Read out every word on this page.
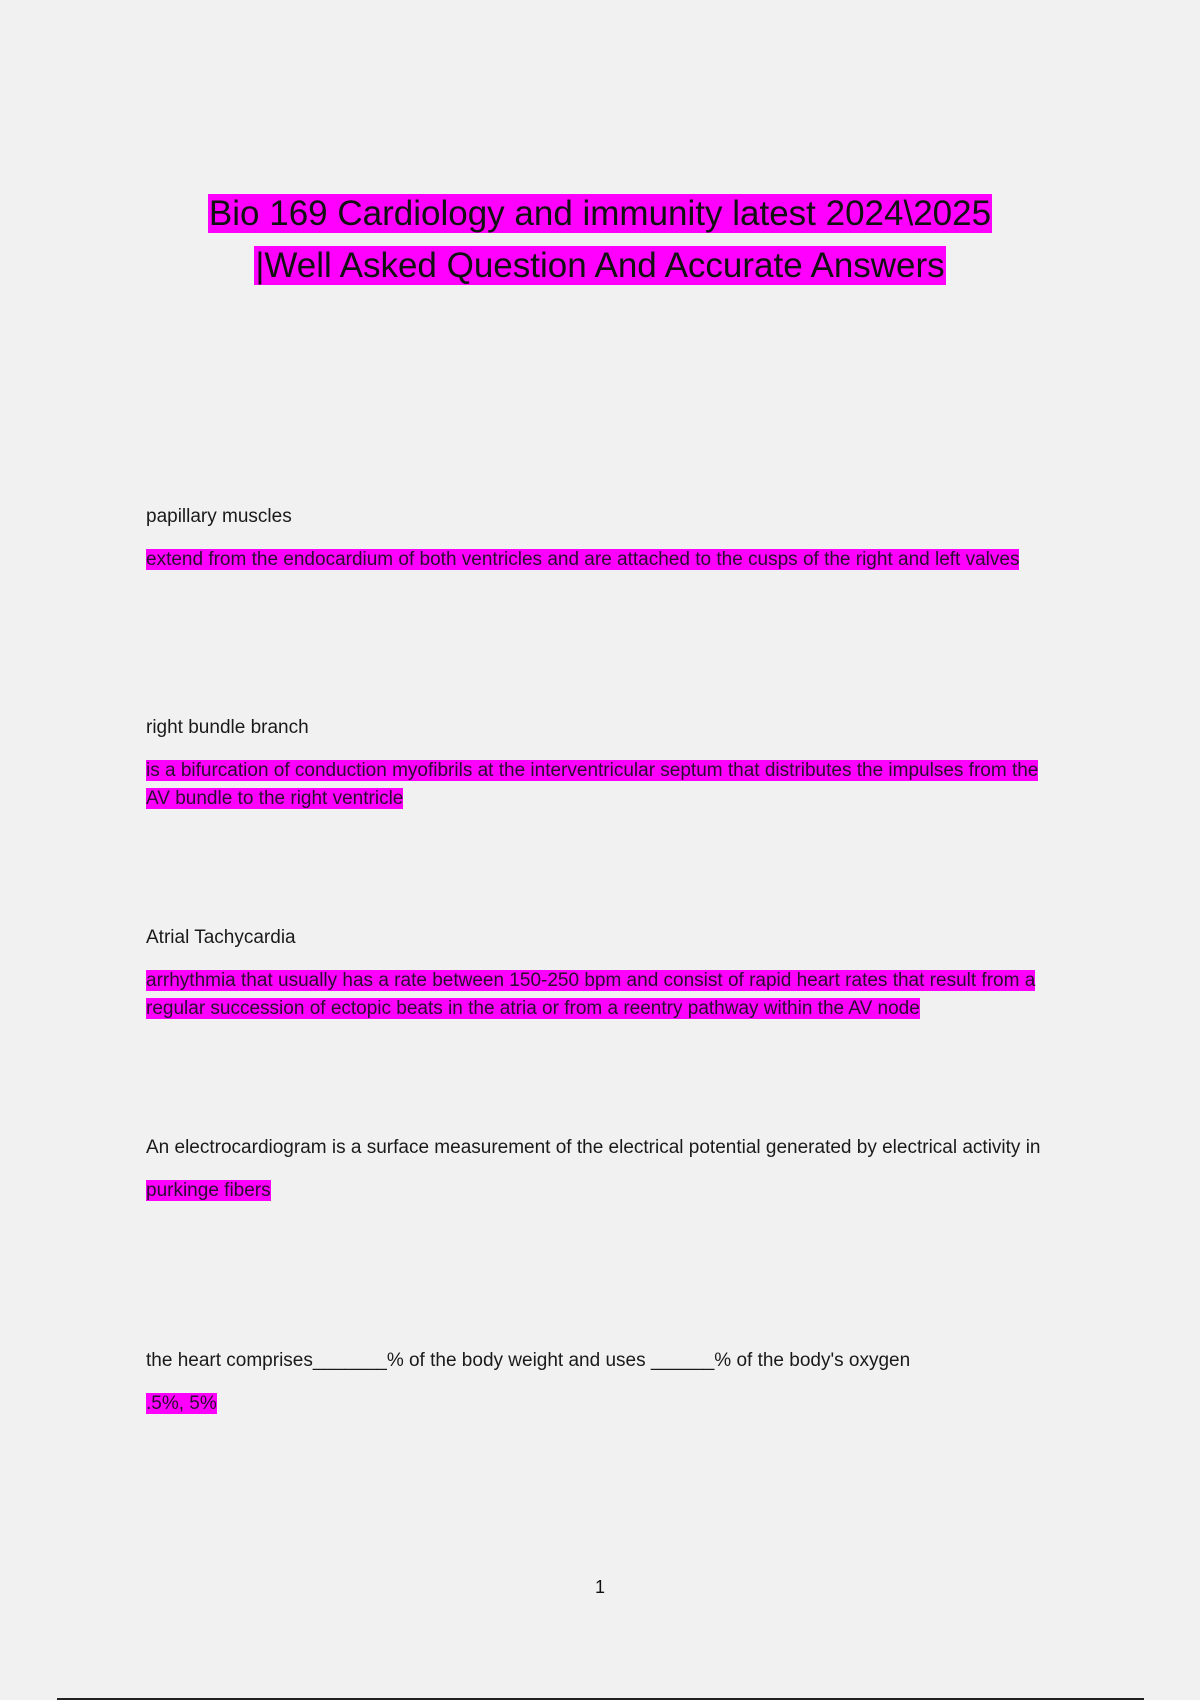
Bio 169 Cardiology and immunity latest 2024\2025
|Well Asked Question And Accurate Answers
papillary muscles
extend from the endocardium of both ventricles and are attached to the cusps of the right and left valves
right bundle branch
is a bifurcation of conduction myofibrils at the interventricular septum that distributes the impulses from the AV bundle to the right ventricle
Atrial Tachycardia
arrhythmia that usually has a rate between 150-250 bpm and consist of rapid heart rates that result from a regular succession of ectopic beats in the atria or from a reentry pathway within the AV node
An electrocardiogram is a surface measurement of the electrical potential generated by electrical activity in
purkinge fibers
the heart comprises_______% of the body weight and uses ______% of the body's oxygen
.5%, 5%
1
